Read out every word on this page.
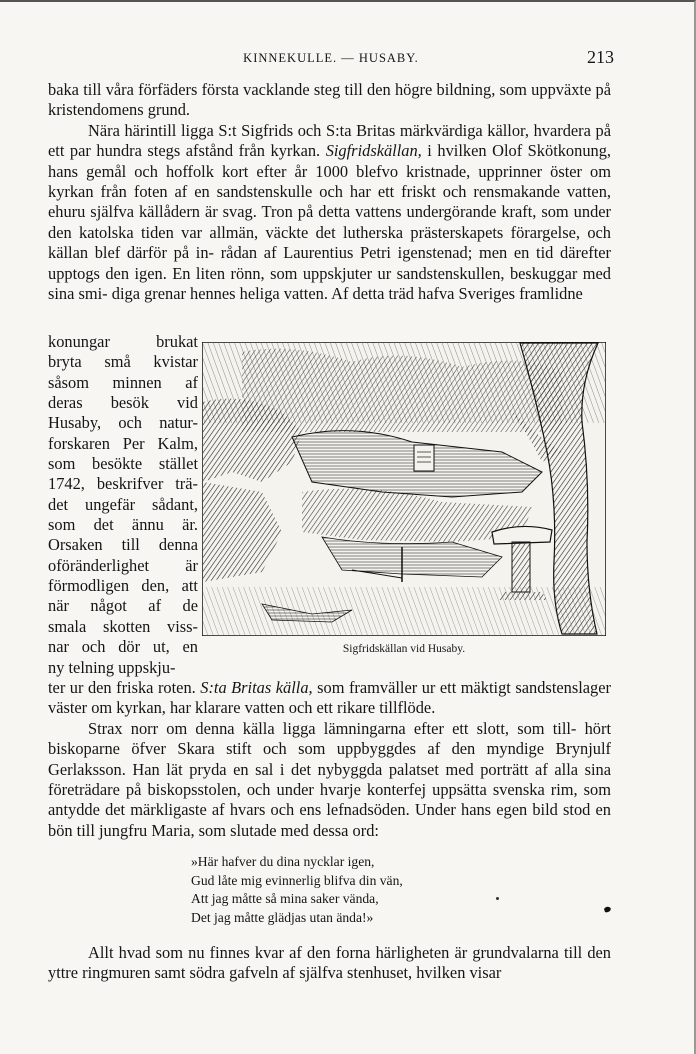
KINNEKULLE. — HUSABY.	213

baka till våra förfäders första vacklande steg till den högre bildning, som uppväxte på kristendomens grund.

Nära härintill ligga S:t Sigfrids och S:ta Britas märkvärdiga källor, hvardera på ett par hundra stegs afstånd från kyrkan. Sigfridskällan, i hvilken Olof Skötkonung, hans gemål och hoffolk kort efter år 1000 blefvo kristnade, upprinner öster om kyrkan från foten af en sandstenskulle och har ett friskt och rensmakande vatten, ehuru själfva källådern är svag. Tron på detta vattens undergörande kraft, som under den katolska tiden var allmän, väckte det lutherska prästerskapets förargelse, och källan blef därför på in- rådan af Laurentius Petri igenstenad; men en tid därefter upptogs den igen. En liten rönn, som uppskjuter ur sandstenskullen, beskuggar med sina smi- diga grenar hennes heliga vatten. Af detta träd hafva Sveriges framlidne

konungar brukat
bryta små kvistar
såsom minnen af
deras besök vid
Husaby, och natur-
forskaren Per Kalm,
som besökte stället
1742, beskrifver trä-
det ungefär sådant,
som det ännu är.
Orsaken till denna
oföränderlighet är
förmodligen den, att
när något af de
smala skotten viss-
nar och dör ut, en
ny telning uppskju-
Sigfridskällan vid Husaby.

ter ur den friska roten. S:ta Britas källa, som framväller ur ett mäktigt sandstenslager väster om kyrkan, har klarare vatten och ett rikare tillflöde.

Strax norr om denna källa ligga lämningarna efter ett slott, som till- hört biskoparne öfver Skara stift och som uppbyggdes af den myndige Brynjulf Gerlaksson. Han lät pryda en sal i det nybyggda palatset med porträtt af alla sina företrädare på biskopsstolen, och under hvarje konterfej uppsätta svenska rim, som antydde det märkligaste af hvars och ens lefnadsöden. Under hans egen bild stod en bön till jungfru Maria, som slutade med dessa ord:

»Här hafver du dina nycklar igen,
Gud låte mig evinnerlig blifva din vän,
Att jag måtte så mina saker vända,
Det jag måtte glädjas utan ända!»

Allt hvad som nu finnes kvar af den forna härligheten är grundvalarna till den yttre ringmuren samt södra gafveln af själfva stenhuset, hvilken visar
